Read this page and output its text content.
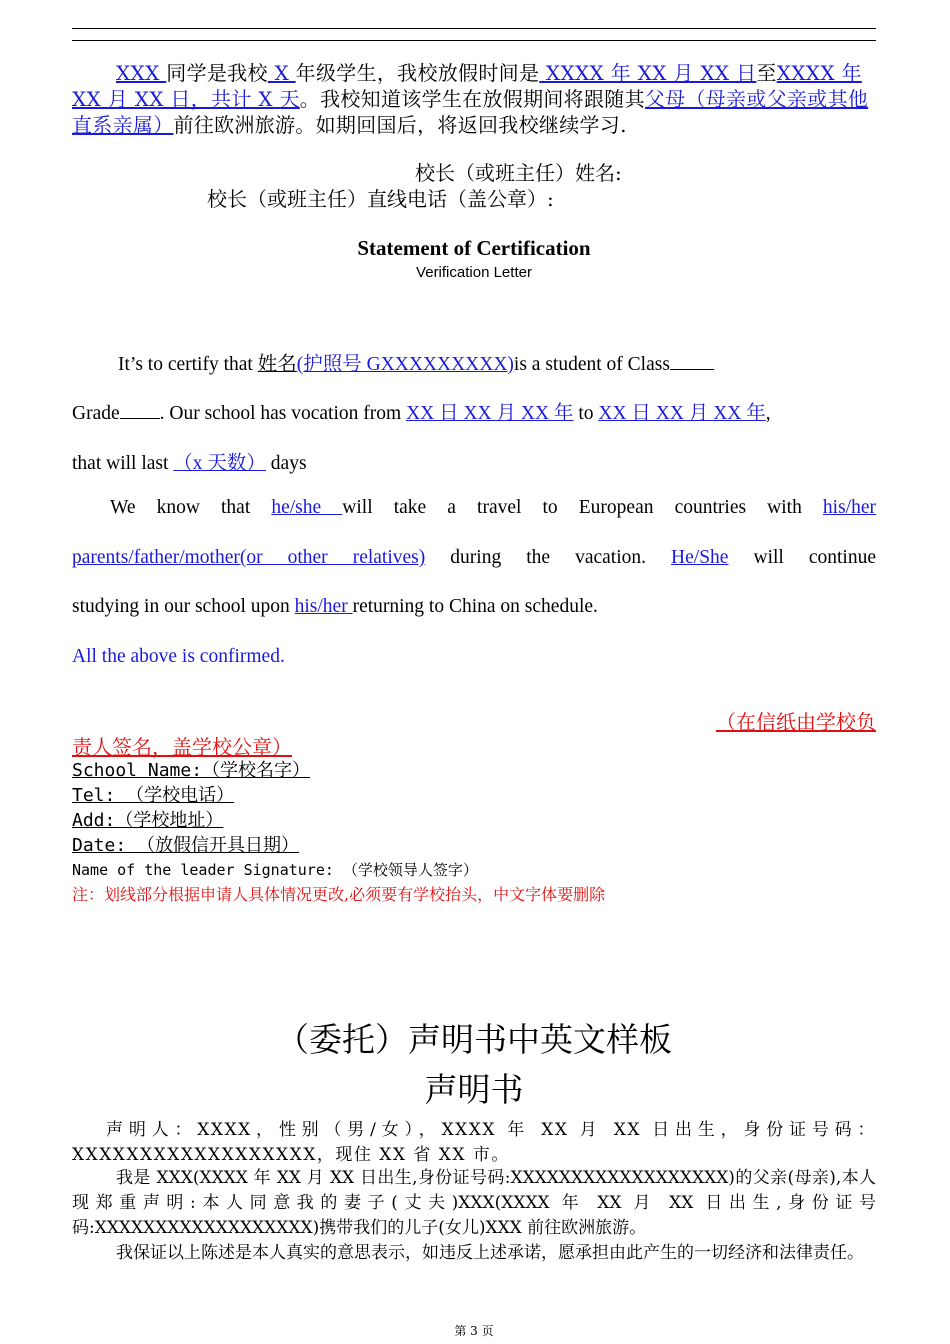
XXX 同学是我校 X 年级学生，我校放假时间是 XXXX 年 XX 月 XX 日至XXXX 年 XX 月 XX 日，共计 X 天。我校知道该学生在放假期间将跟随其父母（母亲或父亲或其他直系亲属）前往欧洲旅游。如期回国后，将返回我校继续学习.
校长（或班主任）姓名:
校长（或班主任）直线电话（盖公章）:
Statement of Certification
Verification Letter
It’s to certify that 姓名(护照号 GXXXXXXXXX)is a student of Class
Grade . Our school has vocation from XX 日 XX 月 XX 年 to XX 日 XX 月 XX 年,
that will last （x 天数） days
We know that he/she will take a travel to European countries with his/her
parents/father/mother(or other relatives) during the vacation. He/She will continue
studying in our school upon his/her returning to China on schedule.
All the above is confirmed.
（在信纸由学校负
责人签名，盖学校公章）
School Name:（学校名字）
Tel: （学校电话）
Add:（学校地址）
Date: （放假信开具日期）
Name of the leader Signature: （学校领导人签字）
注：划线部分根据申请人具体情况更改,必须要有学校抬头，中文字体要删除
（委托）声明书中英文样板
声明书
声明人：XXXX，性别（男/女），XXXX 年 XX 月 XX 日出生，身份证号码：XXXXXXXXXXXXXXXXXX，现住 XX 省 XX 市。
我是 XXX(XXXX 年 XX 月 XX 日出生,身份证号码:XXXXXXXXXXXXXXXXXX)的父亲(母亲),本人现郑重声明:本人同意我的妻子(丈夫)XXX(XXXX 年 XX 月 XX 日出生,身份证号码:XXXXXXXXXXXXXXXXXX)携带我们的儿子(女儿)XXX 前往欧洲旅游。
我保证以上陈述是本人真实的意思表示，如违反上述承诺，愿承担由此产生的一切经济和法律责任。
第 3 页
